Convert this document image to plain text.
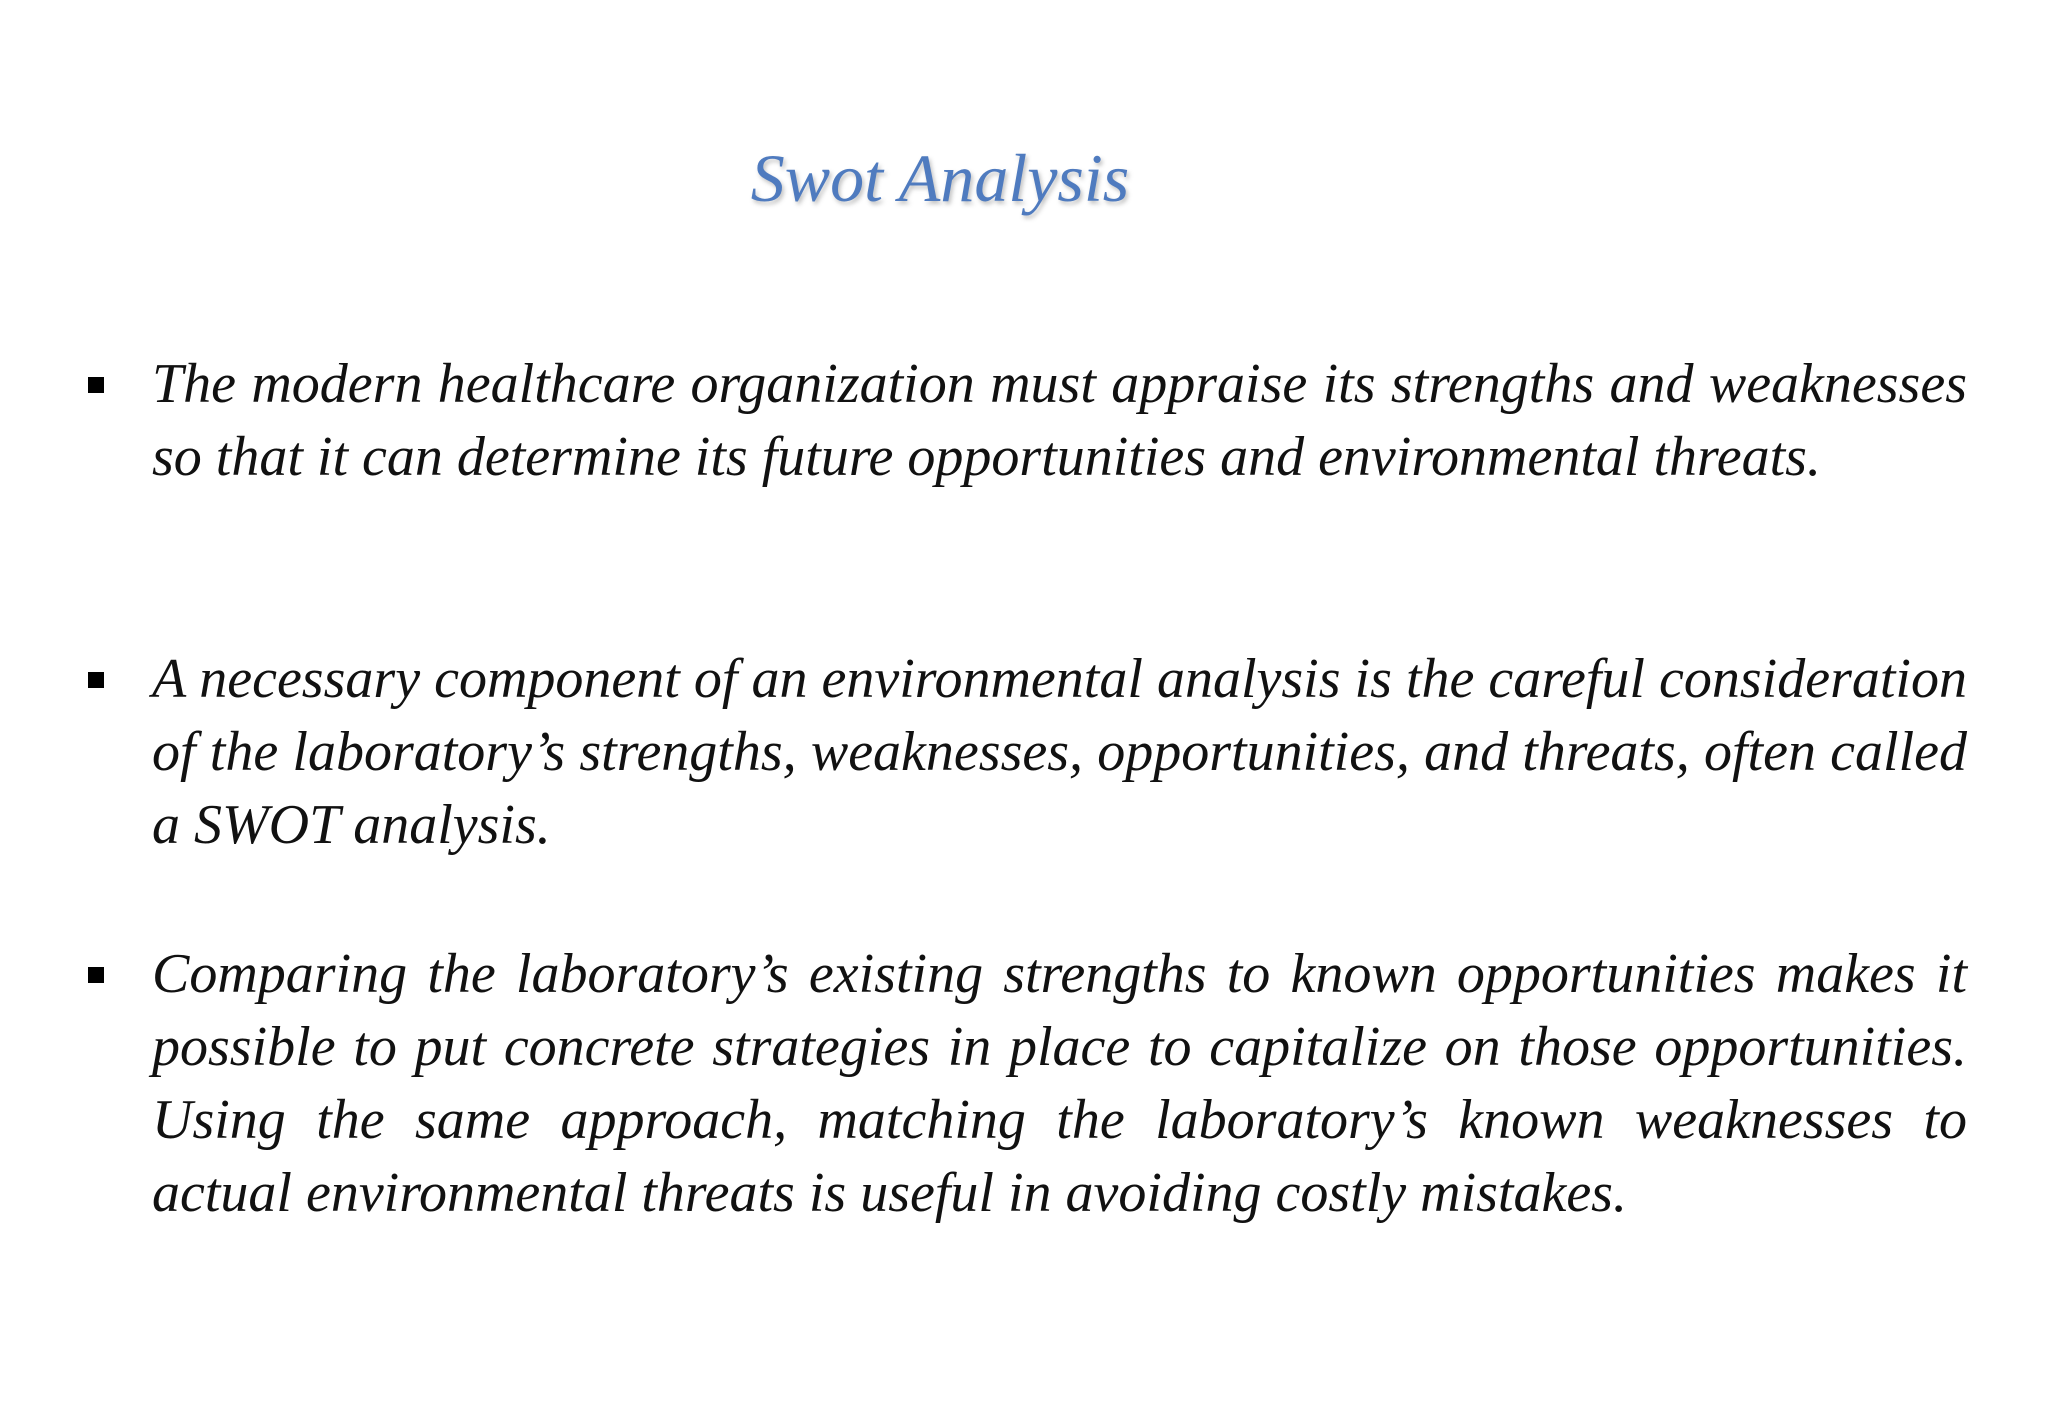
Swot Analysis
The modern healthcare organization must appraise its strengths and weaknesses so that it can determine its future opportunities and environmental threats.
A necessary component of an environmental analysis is the careful consideration of the laboratory’s strengths, weaknesses, opportunities, and threats, often called a SWOT analysis.
Comparing the laboratory’s existing strengths to known opportunities makes it possible to put concrete strategies in place to capitalize on those opportunities. Using the same approach, matching the laboratory’s known weaknesses to actual environmental threats is useful in avoiding costly mistakes.
